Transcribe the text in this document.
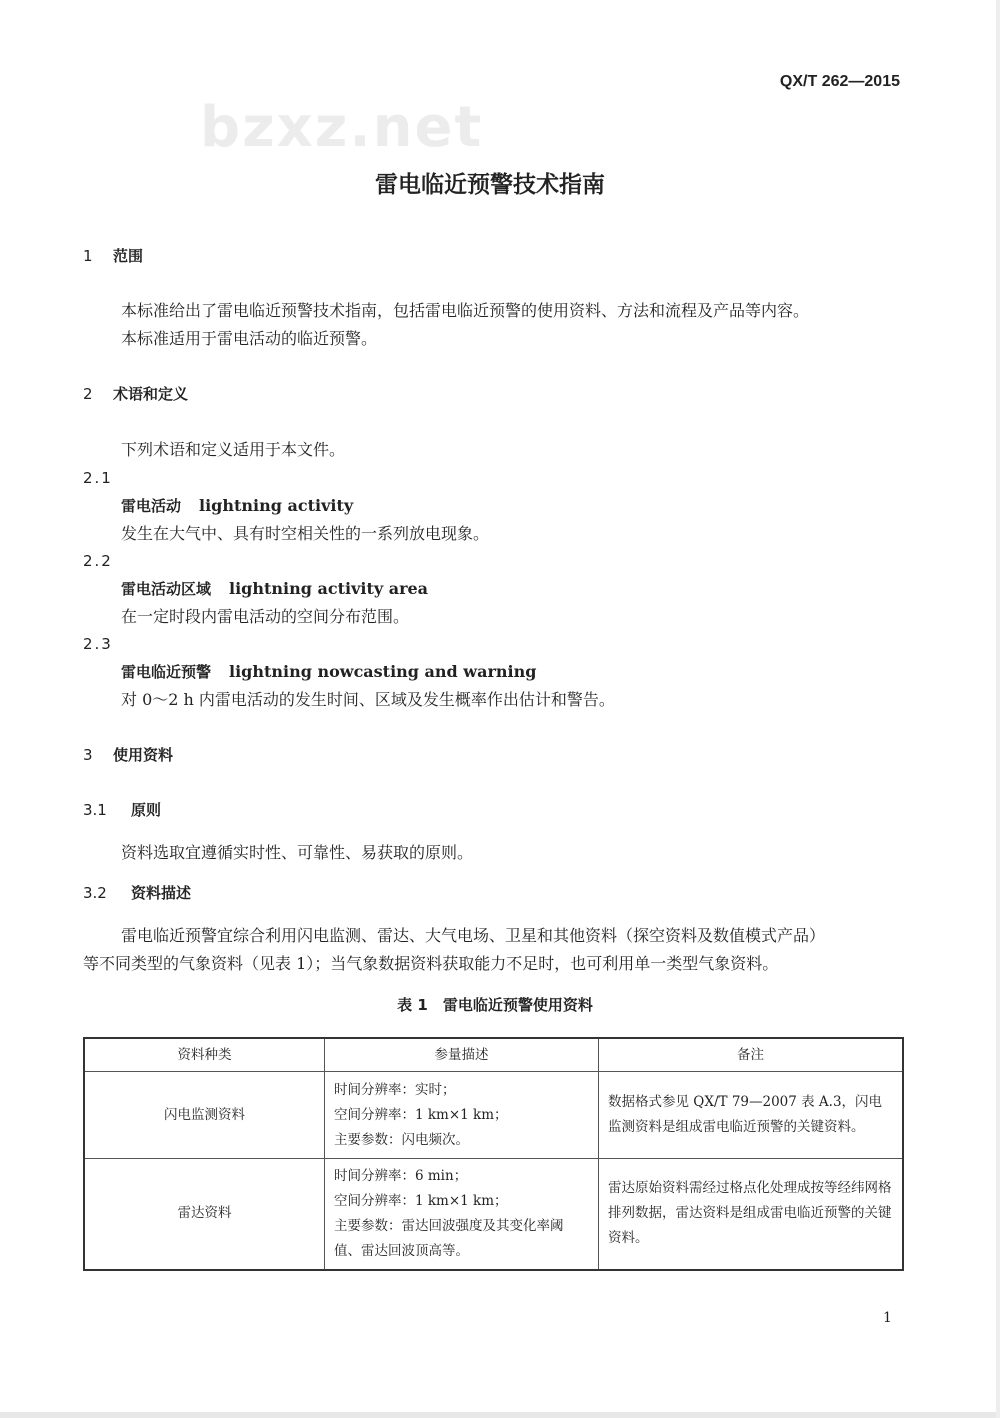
QX/T 262—2015
bzxz.net
雷电临近预警技术指南
1 范围
本标准给出了雷电临近预警技术指南，包括雷电临近预警的使用资料、方法和流程及产品等内容。
本标准适用于雷电活动的临近预警。
2 术语和定义
下列术语和定义适用于本文件。
2.1
雷电活动 lightning activity
发生在大气中、具有时空相关性的一系列放电现象。
2.2
雷电活动区域 lightning activity area
在一定时段内雷电活动的空间分布范围。
2.3
雷电临近预警 lightning nowcasting and warning
对 0～2 h 内雷电活动的发生时间、区域及发生概率作出估计和警告。
3 使用资料
3.1 原则
资料选取宜遵循实时性、可靠性、易获取的原则。
3.2 资料描述
雷电临近预警宜综合利用闪电监测、雷达、大气电场、卫星和其他资料（探空资料及数值模式产品）
等不同类型的气象资料（见表 1）；当气象数据资料获取能力不足时，也可利用单一类型气象资料。
表 1　雷电临近预警使用资料
资料种类	参量描述	备注
闪电监测资料	时间分辨率：实时；
空间分辨率：1 km×1 km；
主要参数：闪电频次。	数据格式参见 QX/T 79—2007 表 A.3，闪电监测资料是组成雷电临近预警的关键资料。
雷达资料	时间分辨率：6 min；
空间分辨率：1 km×1 km；
主要参数：雷达回波强度及其变化率阈值、雷达回波顶高等。	雷达原始资料需经过格点化处理成按等经纬网格排列数据，雷达资料是组成雷电临近预警的关键资料。
1
